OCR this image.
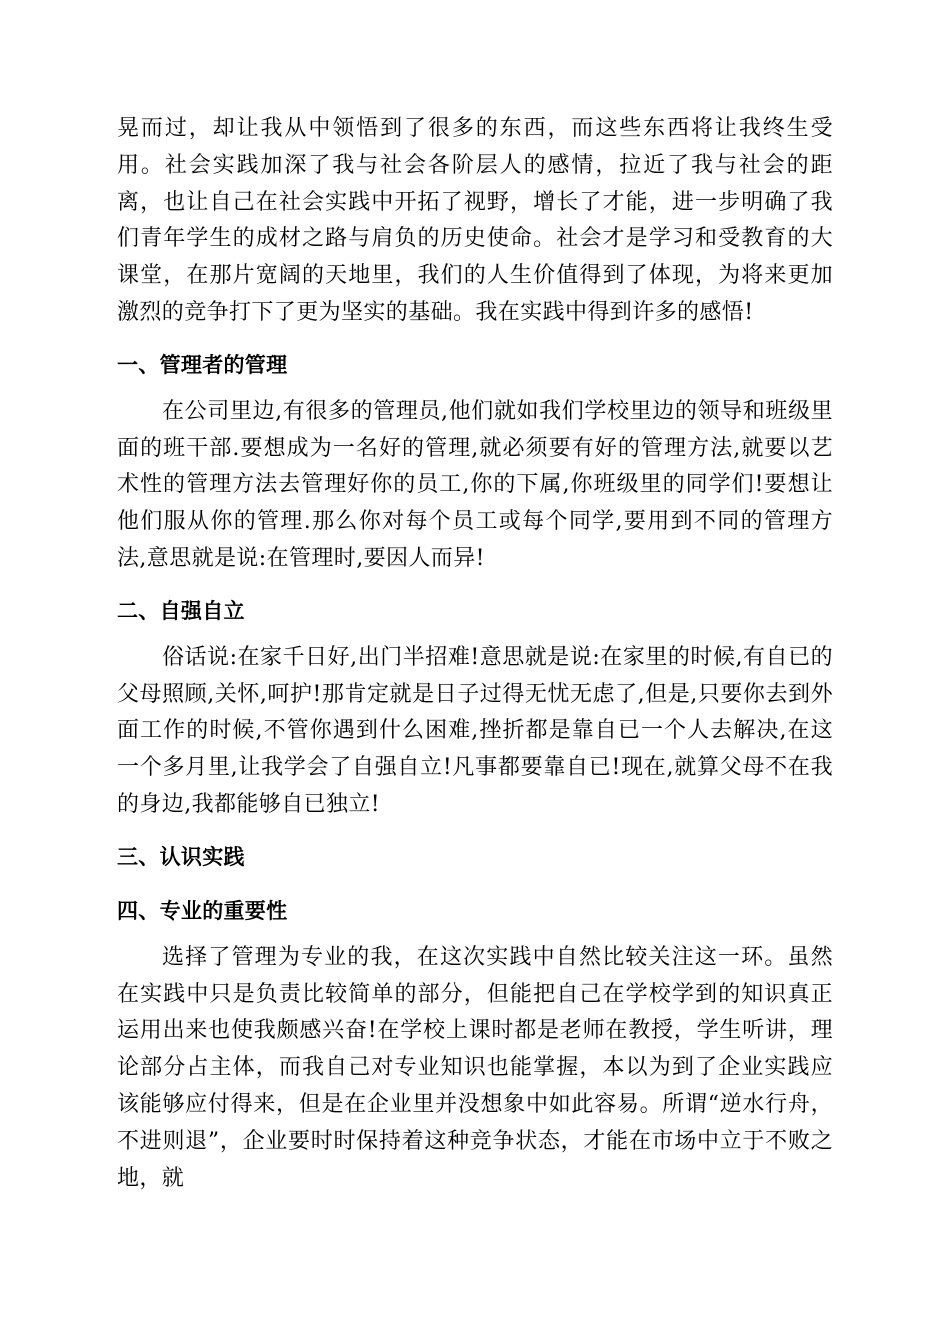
晃而过，却让我从中领悟到了很多的东西，而这些东西将让我终生受用。社会实践加深了我与社会各阶层人的感情，拉近了我与社会的距离，也让自己在社会实践中开拓了视野，增长了才能，进一步明确了我们青年学生的成材之路与肩负的历史使命。社会才是学习和受教育的大课堂，在那片宽阔的天地里，我们的人生价值得到了体现，为将来更加激烈的竞争打下了更为坚实的基础。我在实践中得到许多的感悟!

一、管理者的管理

在公司里边,有很多的管理员,他们就如我们学校里边的领导和班级里面的班干部.要想成为一名好的管理,就必须要有好的管理方法,就要以艺术性的管理方法去管理好你的员工,你的下属,你班级里的同学们!要想让他们服从你的管理.那么你对每个员工或每个同学,要用到不同的管理方法,意思就是说:在管理时,要因人而异!

二、自强自立

俗话说:在家千日好,出门半招难!意思就是说:在家里的时候,有自已的父母照顾,关怀,呵护!那肯定就是日子过得无忧无虑了,但是,只要你去到外面工作的时候,不管你遇到什么困难,挫折都是靠自已一个人去解决,在这一个多月里,让我学会了自强自立!凡事都要靠自已!现在,就算父母不在我的身边,我都能够自已独立!

三、认识实践
四、专业的重要性

选择了管理为专业的我，在这次实践中自然比较关注这一环。虽然在实践中只是负责比较简单的部分，但能把自己在学校学到的知识真正运用出来也使我颇感兴奋!在学校上课时都是老师在教授，学生听讲，理论部分占主体，而我自己对专业知识也能掌握，本以为到了企业实践应该能够应付得来，但是在企业里并没想象中如此容易。所谓“逆水行舟，不进则退”，企业要时时保持着这种竞争状态，才能在市场中立于不败之地，就
